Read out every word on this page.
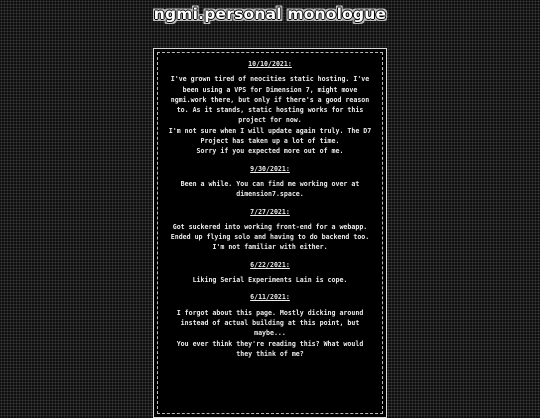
ngmi.personal monologue
10/10/2021:

I've grown tired of neocities static hosting. I've been using a VPS for Dimension 7, might move ngmi.work there, but only if there's a good reason to. As it stands, static hosting works for this project for now.

I'm not sure when I will update again truly. The D7 Project has taken up a lot of time.

Sorry if you expected more out of me.

9/30/2021:

Been a while. You can find me working over at dimension7.space.

7/27/2021:

Got suckered into working front-end for a webapp. Ended up flying solo and having to do backend too. I'm not familiar with either.

6/22/2021:

Liking Serial Experiments Lain is cope.

6/11/2021:

I forgot about this page. Mostly dicking around instead of actual building at this point, but maybe...

You ever think they're reading this? What would they think of me?
